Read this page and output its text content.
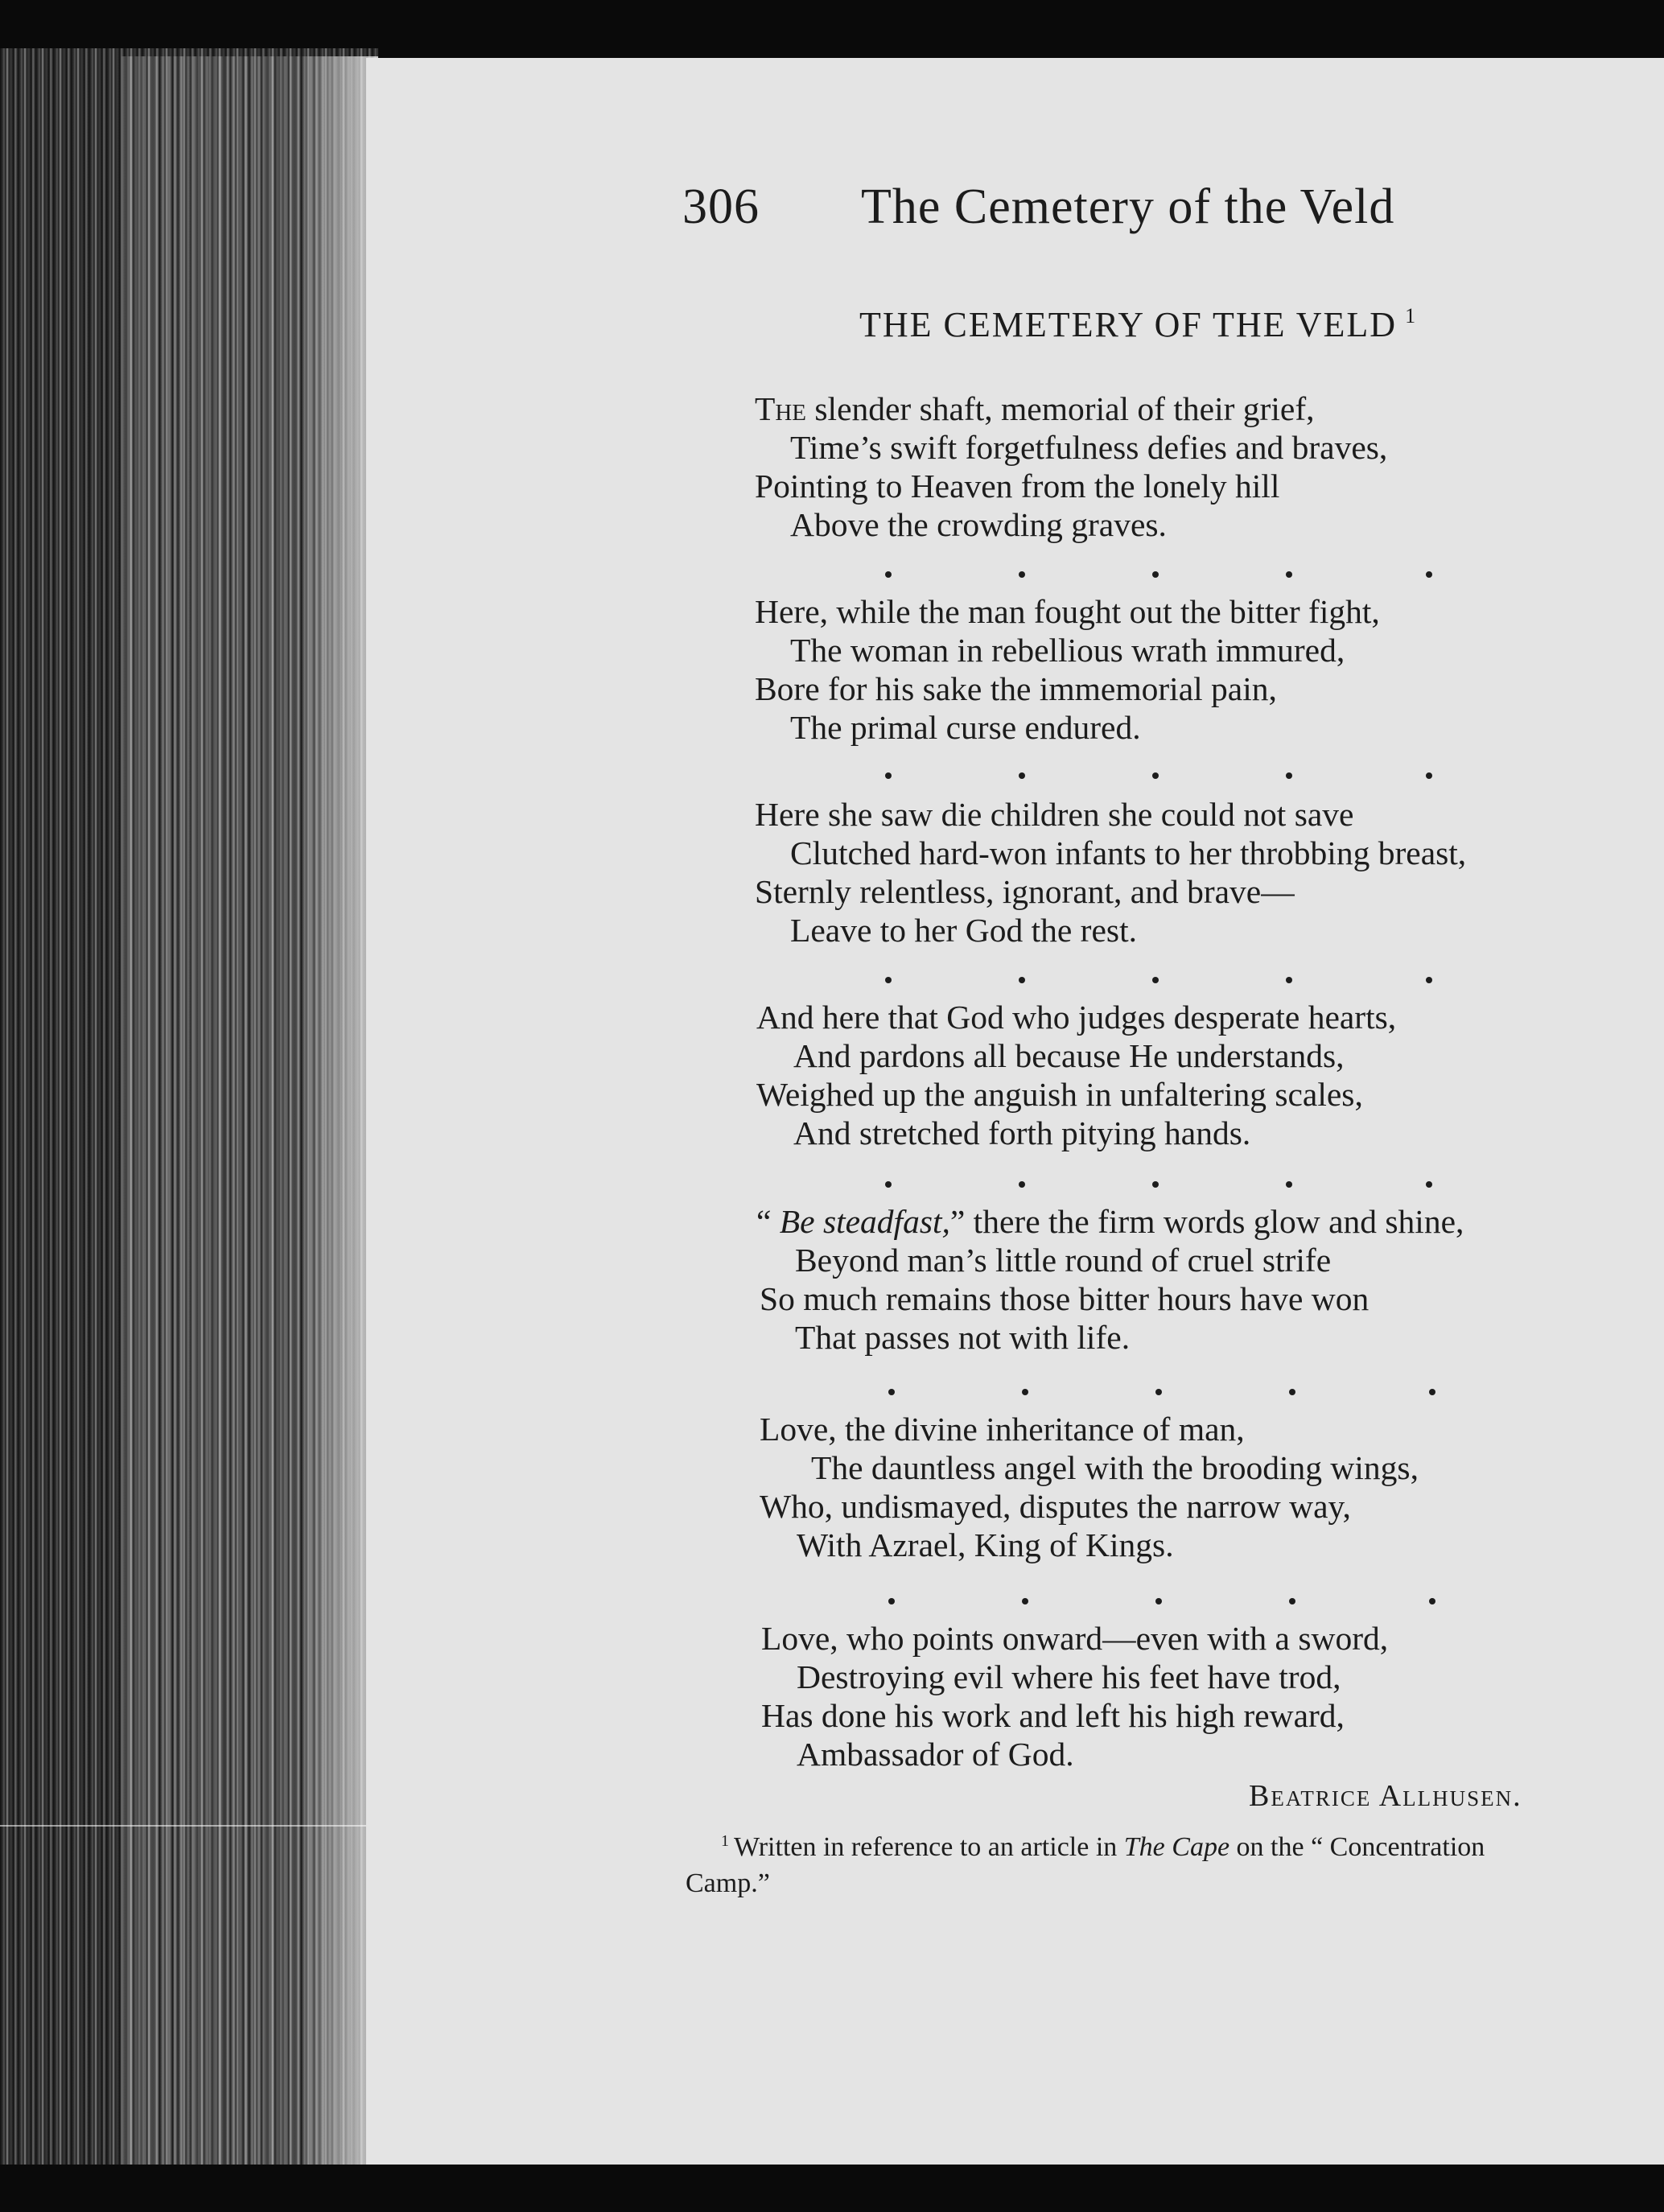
306 The Cemetery of the Veld
THE CEMETERY OF THE VELD $^1$
The slender shaft, memorial of their grief,
Time’s swift forgetfulness defies and braves,
Pointing to Heaven from the lonely hill
Above the crowding graves.
Here, while the man fought out the bitter fight,
The woman in rebellious wrath immured,
Bore for his sake the immemorial pain,
The primal curse endured.
Here she saw die children she could not save
Clutched hard-won infants to her throbbing breast,
Sternly relentless, ignorant, and brave—
Leave to her God the rest.
And here that God who judges desperate hearts,
And pardons all because He understands,
Weighed up the anguish in unfaltering scales,
And stretched forth pitying hands.
“ Be steadfast,” there the firm words glow and shine,
Beyond man’s little round of cruel strife
So much remains those bitter hours have won
That passes not with life.
Love, the divine inheritance of man,
The dauntless angel with the brooding wings,
Who, undismayed, disputes the narrow way,
With Azrael, King of Kings.
Love, who points onward—even with a sword,
Destroying evil where his feet have trod,
Has done his work and left his high reward,
Ambassador of God.
Beatrice Allhusen.
$^1$ Written in reference to an article in The Cape on the “ Concentration
Camp.”
